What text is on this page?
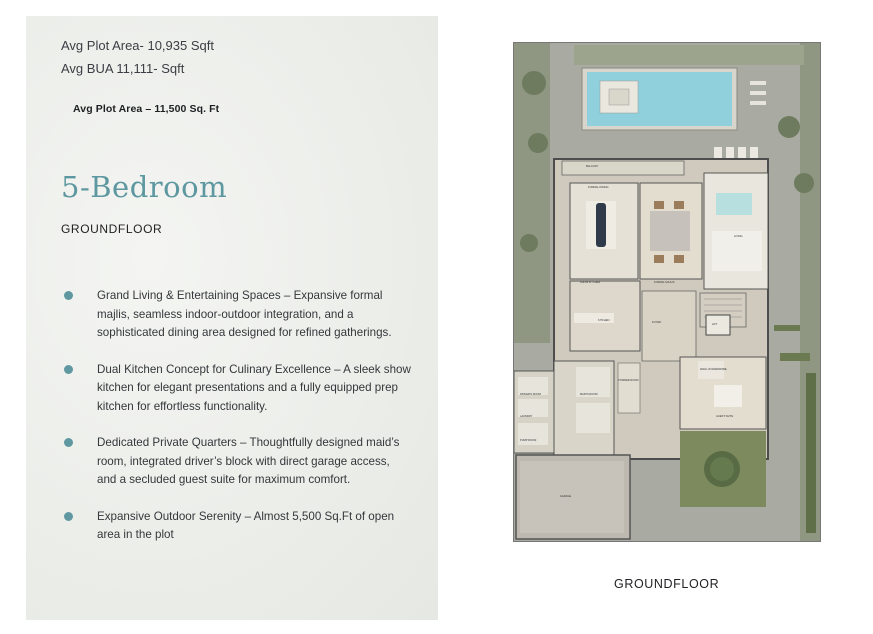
Avg Plot Area- 10,935 Sqft
Avg BUA 11,111- Sqft
Avg Plot Area – 11,500 Sq. Ft
5-Bedroom
GROUNDFLOOR
Grand Living & Entertaining Spaces – Expansive formal majlis, seamless indoor-outdoor integration, and a sophisticated dining area designed for refined gatherings.
Dual Kitchen Concept for Culinary Excellence – A sleek show kitchen for elegant presentations and a fully equipped prep kitchen for effortless functionality.
Dedicated Private Quarters – Thoughtfully designed maid’s room, integrated driver’s block with direct garage access, and a secluded guest suite for maximum comfort.
Expansive Outdoor Serenity – Almost 5,500 Sq.Ft of open area in the plot
BALCONY
FORMAL DINING
FORMAL MAJLIS
SHOW KITCHEN
KITCHEN
FOYER
LIFT
LIVING
MAID'S ROOM
DRIVER'S ROOM
LAUNDRY
PUMP ROOM
GUEST SUITE
GARAGE
POWDER ROOM
WALK-IN WARDROBE
GROUNDFLOOR
